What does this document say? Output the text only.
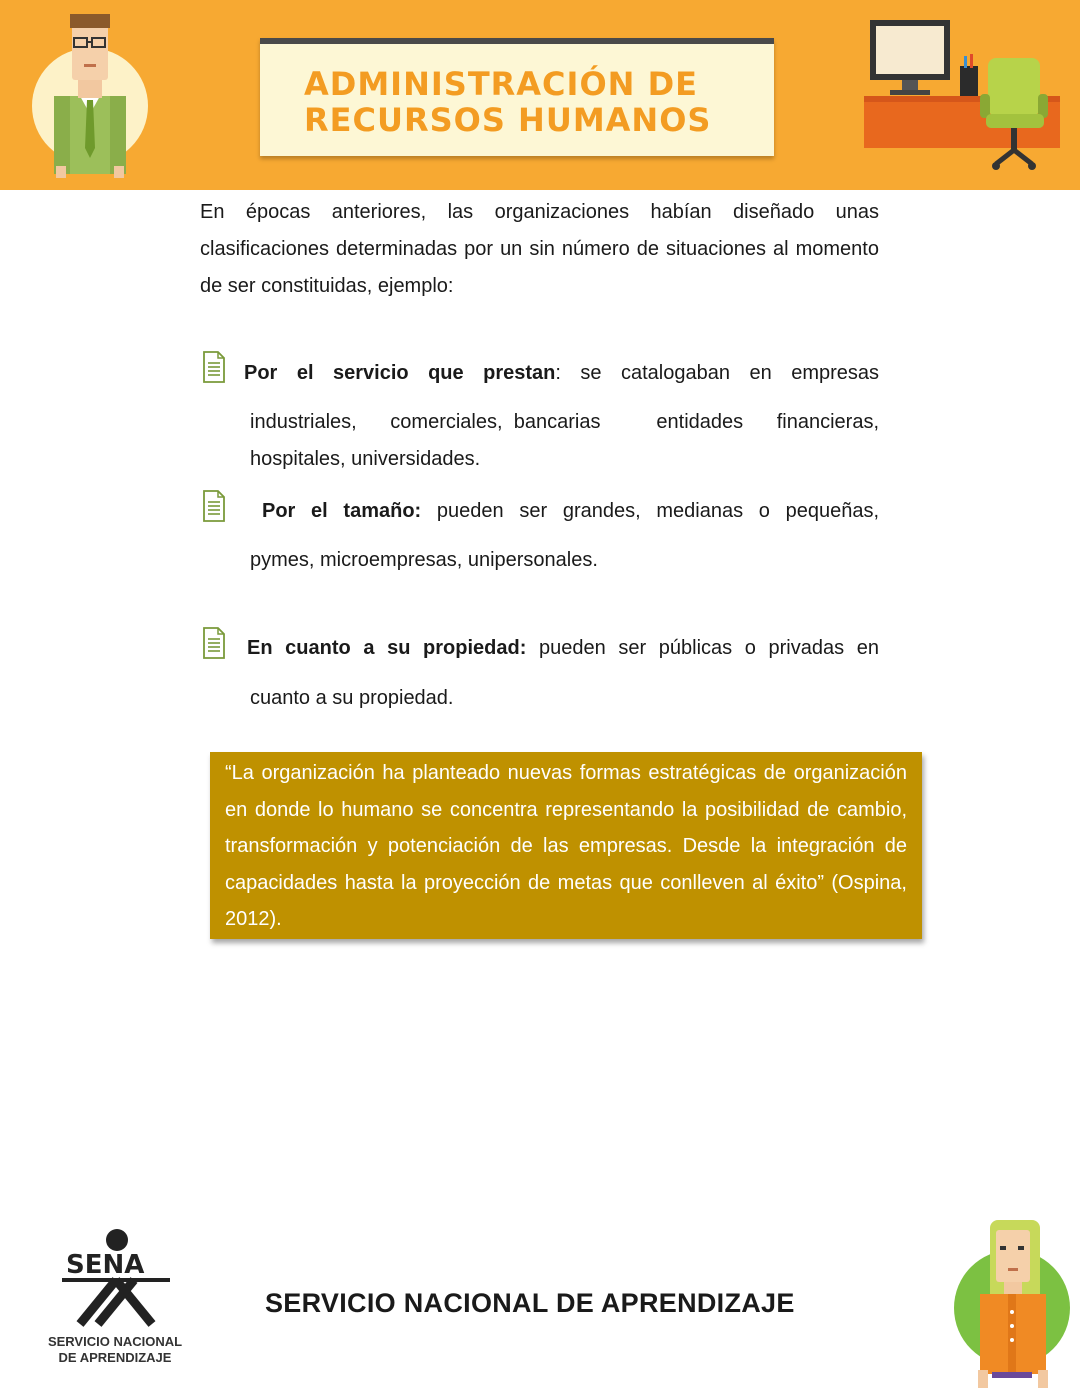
ADMINISTRACIÓN DE
RECURSOS HUMANOS

En épocas anteriores, las organizaciones habían diseñado unas clasificaciones determinadas por un sin número de situaciones al momento de ser constituidas, ejemplo:

Por el servicio que prestan: se catalogaban en empresas

industriales,   comerciales, bancarias     entidades   financieras,

hospitales, universidades.

Por el tamaño: pueden ser grandes, medianas o pequeñas,

pymes, microempresas, unipersonales.

En cuanto a su propiedad: pueden ser públicas o privadas en

cuanto a su propiedad.

“La organización ha planteado nuevas formas estratégicas de organización en donde lo humano se concentra representando la posibilidad de cambio, transformación y potenciación de las empresas. Desde la integración de capacidades hasta la proyección de metas que conlleven al éxito” (Ospina, 2012).

SENA
SERVICIO NACIONAL
DE APRENDIZAJE
SERVICIO NACIONAL DE APRENDIZAJE
